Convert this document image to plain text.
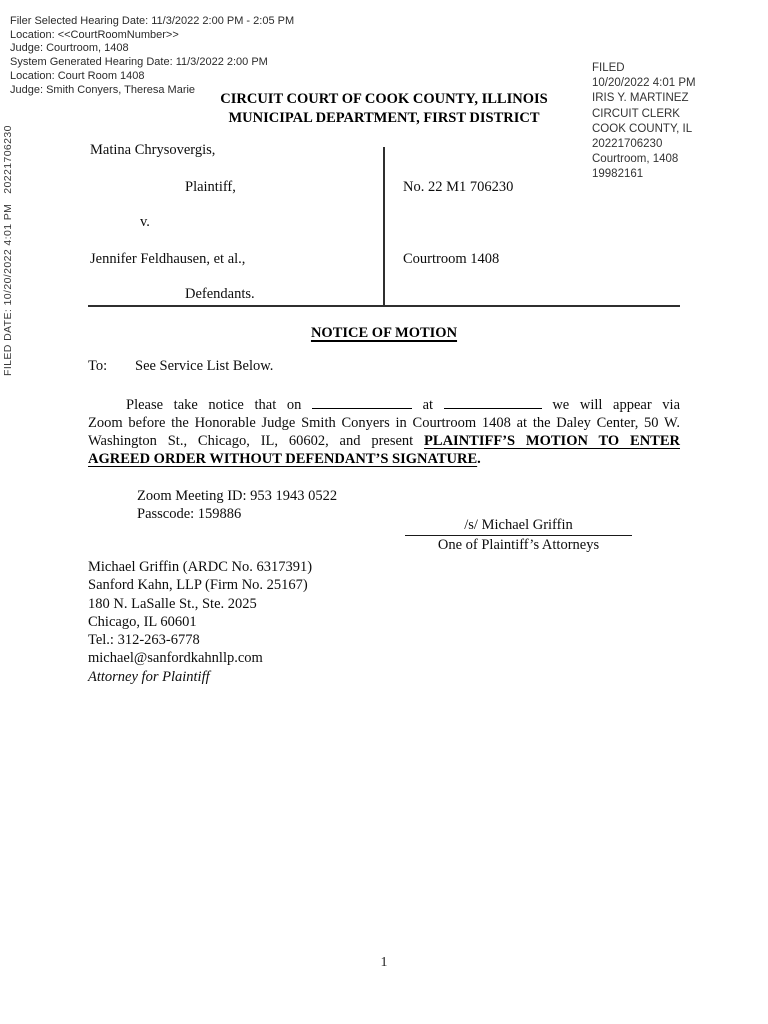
FILED DATE: 10/20/2022 4:01 PM   20221706230
Filer Selected Hearing Date: 11/3/2022 2:00 PM - 2:05 PM
Location: <<CourtRoomNumber>>
Judge: Courtroom, 1408
System Generated Hearing Date: 11/3/2022 2:00 PM
Location: Court Room 1408
Judge: Smith Conyers, Theresa Marie
FILED
10/20/2022 4:01 PM
IRIS Y. MARTINEZ
CIRCUIT CLERK
COOK COUNTY, IL
20221706230
Courtroom, 1408
19982161
CIRCUIT COURT OF COOK COUNTY, ILLINOIS
MUNICIPAL DEPARTMENT, FIRST DISTRICT
Matina Chrysovergis,
Plaintiff,
v.
Jennifer Feldhausen, et al.,
Defendants.
No. 22 M1 706230
Courtroom 1408
NOTICE OF MOTION
To: See Service List Below.
Please take notice that on	at	we will appear via
Zoom before the Honorable Judge Smith Conyers in Courtroom 1408 at the Daley Center, 50 W.
Washington St., Chicago, IL, 60602, and present PLAINTIFF’S MOTION TO ENTER
AGREED ORDER WITHOUT DEFENDANT’S SIGNATURE.
Zoom Meeting ID: 953 1943 0522
Passcode: 159886
/s/ Michael Griffin
One of Plaintiff’s Attorneys
Michael Griffin (ARDC No. 6317391)
Sanford Kahn, LLP (Firm No. 25167)
180 N. LaSalle St., Ste. 2025
Chicago, IL 60601
Tel.: 312-263-6778
michael@sanfordkahnllp.com
Attorney for Plaintiff
1
